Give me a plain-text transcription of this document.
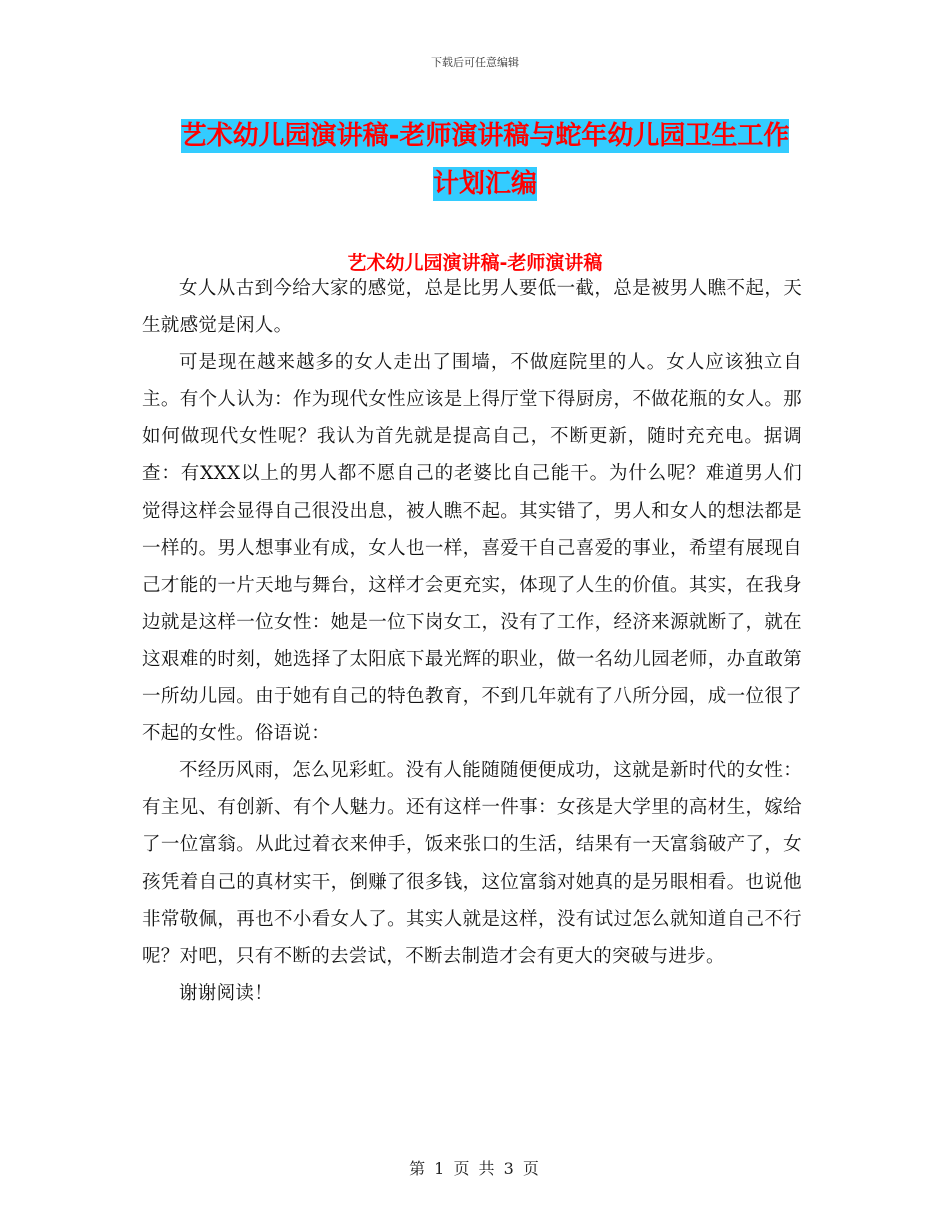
下载后可任意编辑
艺术幼儿园演讲稿-老师演讲稿与蛇年幼儿园卫生工作
计划汇编
艺术幼儿园演讲稿-老师演讲稿

女人从古到今给大家的感觉，总是比男人要低一截，总是被男人瞧不起，天生就感觉是闲人。

可是现在越来越多的女人走出了围墙，不做庭院里的人。女人应该独立自主。有个人认为：作为现代女性应该是上得厅堂下得厨房，不做花瓶的女人。那如何做现代女性呢？我认为首先就是提高自己，不断更新，随时充充电。据调查：有XXX以上的男人都不愿自己的老婆比自己能干。为什么呢？难道男人们觉得这样会显得自己很没出息，被人瞧不起。其实错了，男人和女人的想法都是一样的。男人想事业有成，女人也一样，喜爱干自己喜爱的事业，希望有展现自己才能的一片天地与舞台，这样才会更充实，体现了人生的价值。其实，在我身边就是这样一位女性：她是一位下岗女工，没有了工作，经济来源就断了，就在这艰难的时刻，她选择了太阳底下最光辉的职业，做一名幼儿园老师，办直敢第一所幼儿园。由于她有自己的特色教育，不到几年就有了八所分园，成一位很了不起的女性。俗语说：

不经历风雨，怎么见彩虹。没有人能随随便便成功，这就是新时代的女性：有主见、有创新、有个人魅力。还有这样一件事：女孩是大学里的高材生，嫁给了一位富翁。从此过着衣来伸手，饭来张口的生活，结果有一天富翁破产了，女孩凭着自己的真材实干，倒赚了很多钱，这位富翁对她真的是另眼相看。也说他非常敬佩，再也不小看女人了。其实人就是这样，没有试过怎么就知道自己不行呢？对吧，只有不断的去尝试，不断去制造才会有更大的突破与进步。

谢谢阅读！

第 1 页 共 3 页
